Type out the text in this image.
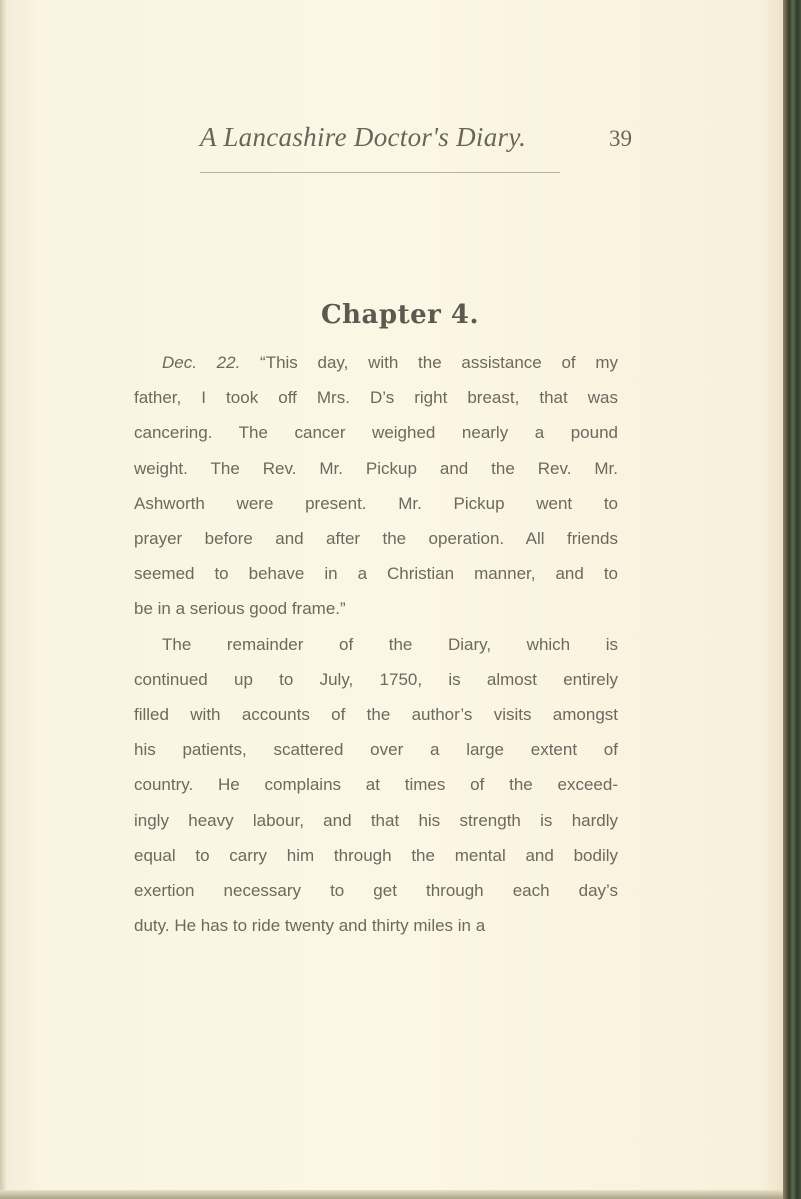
A Lancashire Doctor's Diary.	39
Chapter 4.
Dec. 22. “This day, with the assistance of my
father, I took off Mrs. D’s right breast, that was
cancering. The cancer weighed nearly a pound
weight. The Rev. Mr. Pickup and the Rev. Mr.
Ashworth were present. Mr. Pickup went to
prayer before and after the operation. All friends
seemed to behave in a Christian manner, and to
be in a serious good frame.”
The remainder of the Diary, which is
continued up to July, 1750, is almost entirely
filled with accounts of the author’s visits amongst
his patients, scattered over a large extent of
country. He complains at times of the exceed-
ingly heavy labour, and that his strength is hardly
equal to carry him through the mental and bodily
exertion necessary to get through each day’s
duty. He has to ride twenty and thirty miles in a
